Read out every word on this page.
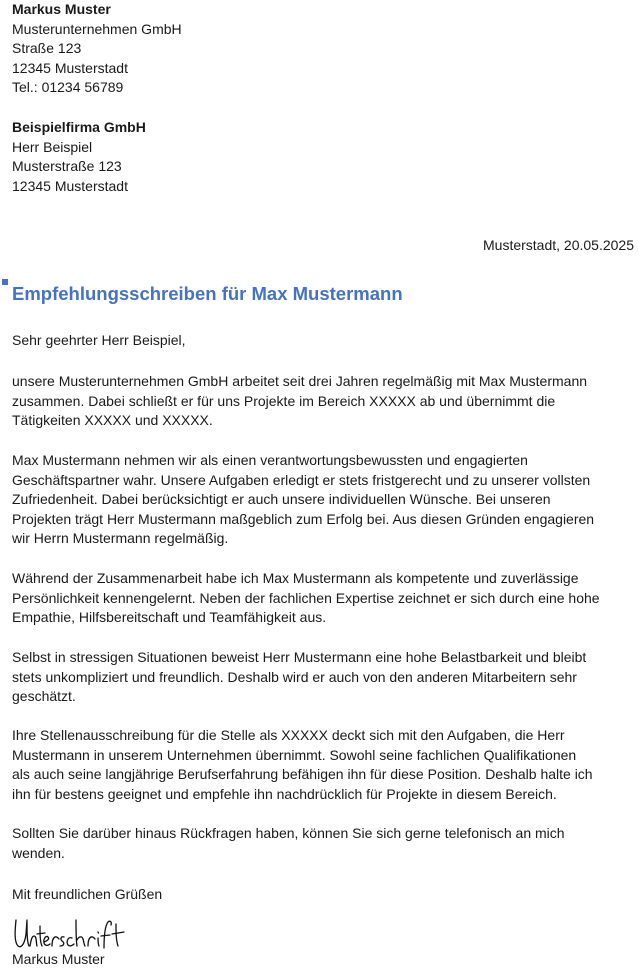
Markus Muster
Musterunternehmen GmbH
Straße 123
12345 Musterstadt
Tel.: 01234 56789
Beispielfirma GmbH
Herr Beispiel
Musterstraße 123
12345 Musterstadt
Musterstadt, 20.05.2025
Empfehlungsschreiben für Max Mustermann
Sehr geehrter Herr Beispiel,
unsere Musterunternehmen GmbH arbeitet seit drei Jahren regelmäßig mit Max Mustermann
zusammen. Dabei schließt er für uns Projekte im Bereich XXXXX ab und übernimmt die
Tätigkeiten XXXXX und XXXXX.
Max Mustermann nehmen wir als einen verantwortungsbewussten und engagierten
Geschäftspartner wahr. Unsere Aufgaben erledigt er stets fristgerecht und zu unserer vollsten
Zufriedenheit. Dabei berücksichtigt er auch unsere individuellen Wünsche. Bei unseren
Projekten trägt Herr Mustermann maßgeblich zum Erfolg bei. Aus diesen Gründen engagieren
wir Herrn Mustermann regelmäßig.
Während der Zusammenarbeit habe ich Max Mustermann als kompetente und zuverlässige
Persönlichkeit kennengelernt. Neben der fachlichen Expertise zeichnet er sich durch eine hohe
Empathie, Hilfsbereitschaft und Teamfähigkeit aus.
Selbst in stressigen Situationen beweist Herr Mustermann eine hohe Belastbarkeit und bleibt
stets unkompliziert und freundlich. Deshalb wird er auch von den anderen Mitarbeitern sehr
geschätzt.
Ihre Stellenausschreibung für die Stelle als XXXXX deckt sich mit den Aufgaben, die Herr
Mustermann in unserem Unternehmen übernimmt. Sowohl seine fachlichen Qualifikationen
als auch seine langjährige Berufserfahrung befähigen ihn für diese Position. Deshalb halte ich
ihn für bestens geeignet und empfehle ihn nachdrücklich für Projekte in diesem Bereich.
Sollten Sie darüber hinaus Rückfragen haben, können Sie sich gerne telefonisch an mich
wenden.
Mit freundlichen Grüßen
Markus Muster
